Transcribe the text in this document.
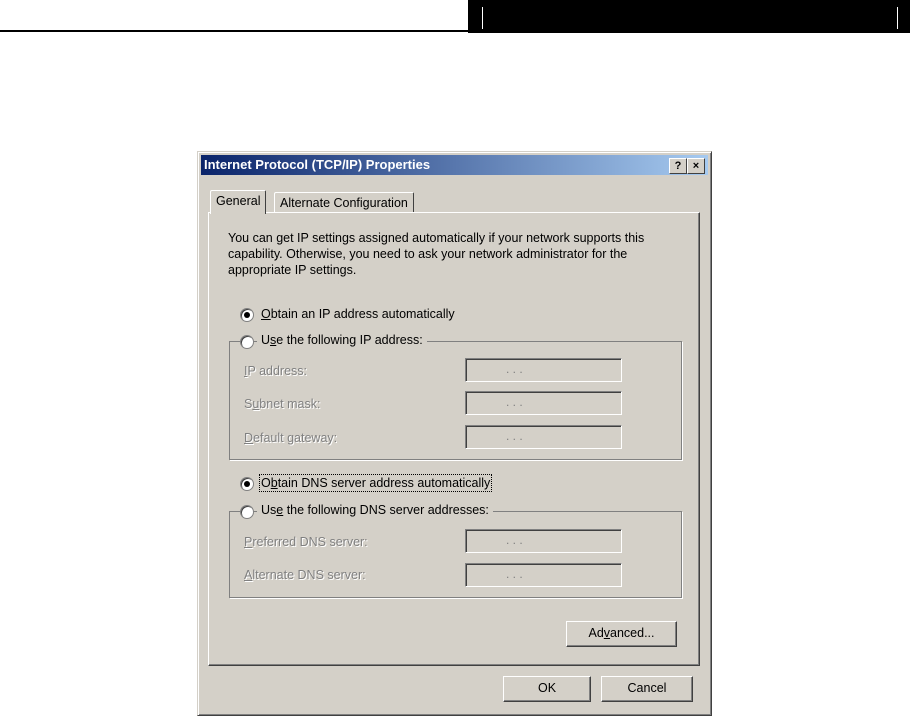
Internet Protocol (TCP/IP) Properties	?	×
General	Alternate Configuration
You can get IP settings assigned automatically if your network supports this capability. Otherwise, you need to ask your network administrator for the appropriate IP settings.
Obtain an IP address automatically
Use the following IP address:
IP address:	. . .
Subnet mask:	. . .
Default gateway:	. . .
Obtain DNS server address automatically
Use the following DNS server addresses:
Preferred DNS server:	. . .
Alternate DNS server:	. . .
Advanced...
OK	Cancel
